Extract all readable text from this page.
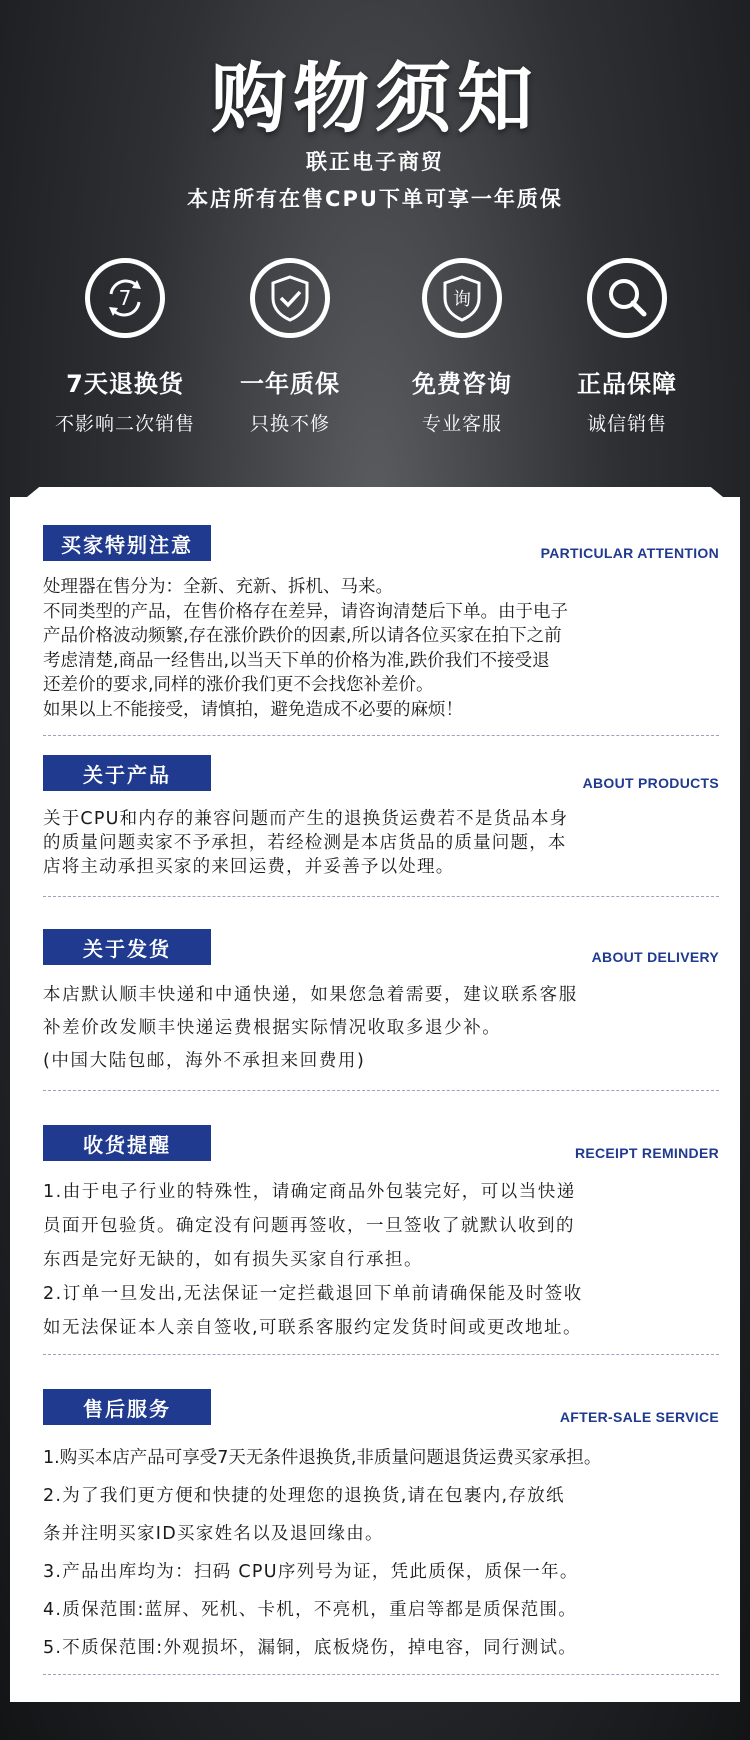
购物须知
联正电子商贸
本店所有在售CPU下单可享一年质保
7
7天退换货
不影响二次销售
一年质保
只换不修
询
免费咨询
专业客服
正品保障
诚信销售
买家特别注意	PARTICULAR ATTENTION
处理器在售分为：全新、充新、拆机、马来。
不同类型的产品，在售价格存在差异，请咨询清楚后下单。由于电子
产品价格波动频繁,存在涨价跌价的因素,所以请各位买家在拍下之前
考虑清楚,商品一经售出,以当天下单的价格为准,跌价我们不接受退
还差价的要求,同样的涨价我们更不会找您补差价。
如果以上不能接受，请慎拍，避免造成不必要的麻烦！
关于产品	ABOUT PRODUCTS
关于CPU和内存的兼容问题而产生的退换货运费若不是货品本身
的质量问题卖家不予承担，若经检测是本店货品的质量问题，本
店将主动承担买家的来回运费，并妥善予以处理。
关于发货	ABOUT DELIVERY
本店默认顺丰快递和中通快递，如果您急着需要，建议联系客服
补差价改发顺丰快递运费根据实际情况收取多退少补。
(中国大陆包邮，海外不承担来回费用)
收货提醒	RECEIPT REMINDER
1.由于电子行业的特殊性，请确定商品外包装完好，可以当快递
员面开包验货。确定没有问题再签收，一旦签收了就默认收到的
东西是完好无缺的，如有损失买家自行承担。
2.订单一旦发出,无法保证一定拦截退回下单前请确保能及时签收
如无法保证本人亲自签收,可联系客服约定发货时间或更改地址。
售后服务	AFTER-SALE SERVICE
1.购买本店产品可享受7天无条件退换货,非质量问题退货运费买家承担。
2.为了我们更方便和快捷的处理您的退换货,请在包裹内,存放纸
条并注明买家ID买家姓名以及退回缘由。
3.产品出库均为：扫码 CPU序列号为证，凭此质保，质保一年。
4.质保范围:蓝屏、死机、卡机，不亮机，重启等都是质保范围。
5.不质保范围:外观损坏，漏铜，底板烧伤，掉电容，同行测试。
